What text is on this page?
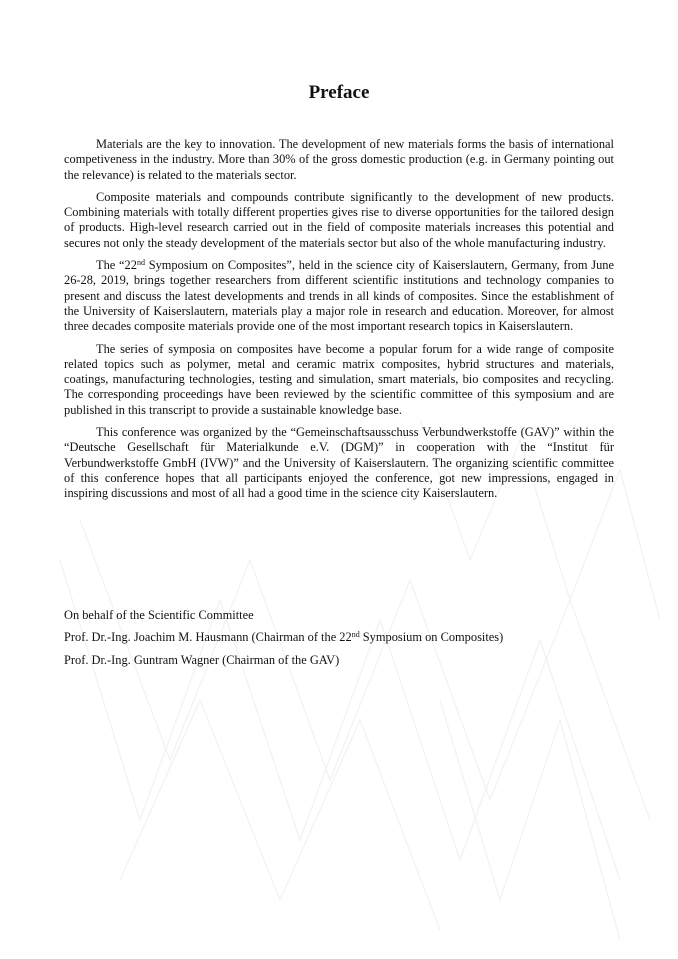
Preface

Materials are the key to innovation. The development of new materials forms the basis of international competiveness in the industry. More than 30% of the gross domestic production (e.g. in Germany pointing out the relevance) is related to the materials sector.

Composite materials and compounds contribute significantly to the development of new products. Combining materials with totally different properties gives rise to diverse opportunities for the tailored design of products. High-level research carried out in the field of composite materials increases this potential and secures not only the steady development of the materials sector but also of the whole manufacturing industry.

The “22nd Symposium on Composites”, held in the science city of Kaiserslautern, Germany, from June 26-28, 2019, brings together researchers from different scientific institutions and technology companies to present and discuss the latest developments and trends in all kinds of composites. Since the establishment of the University of Kaiserslautern, materials play a major role in research and education. Moreover, for almost three decades composite materials provide one of the most important research topics in Kaiserslautern.

The series of symposia on composites have become a popular forum for a wide range of composite related topics such as polymer, metal and ceramic matrix composites, hybrid structures and materials, coatings, manufacturing technologies, testing and simulation, smart materials, bio composites and recycling. The corresponding proceedings have been reviewed by the scientific committee of this symposium and are published in this transcript to provide a sustainable knowledge base.

This conference was organized by the “Gemeinschaftsausschuss Verbundwerkstoffe (GAV)” within the “Deutsche Gesellschaft für Materialkunde e.V. (DGM)” in cooperation with the “Institut für Verbundwerkstoffe GmbH (IVW)” and the University of Kaiserslautern. The organizing scientific committee of this conference hopes that all participants enjoyed the conference, got new impressions, engaged in inspiring discussions and most of all had a good time in the science city Kaiserslautern.

On behalf of the Scientific Committee
Prof. Dr.-Ing. Joachim M. Hausmann (Chairman of the 22nd Symposium on Composites)
Prof. Dr.-Ing. Guntram Wagner (Chairman of the GAV)
